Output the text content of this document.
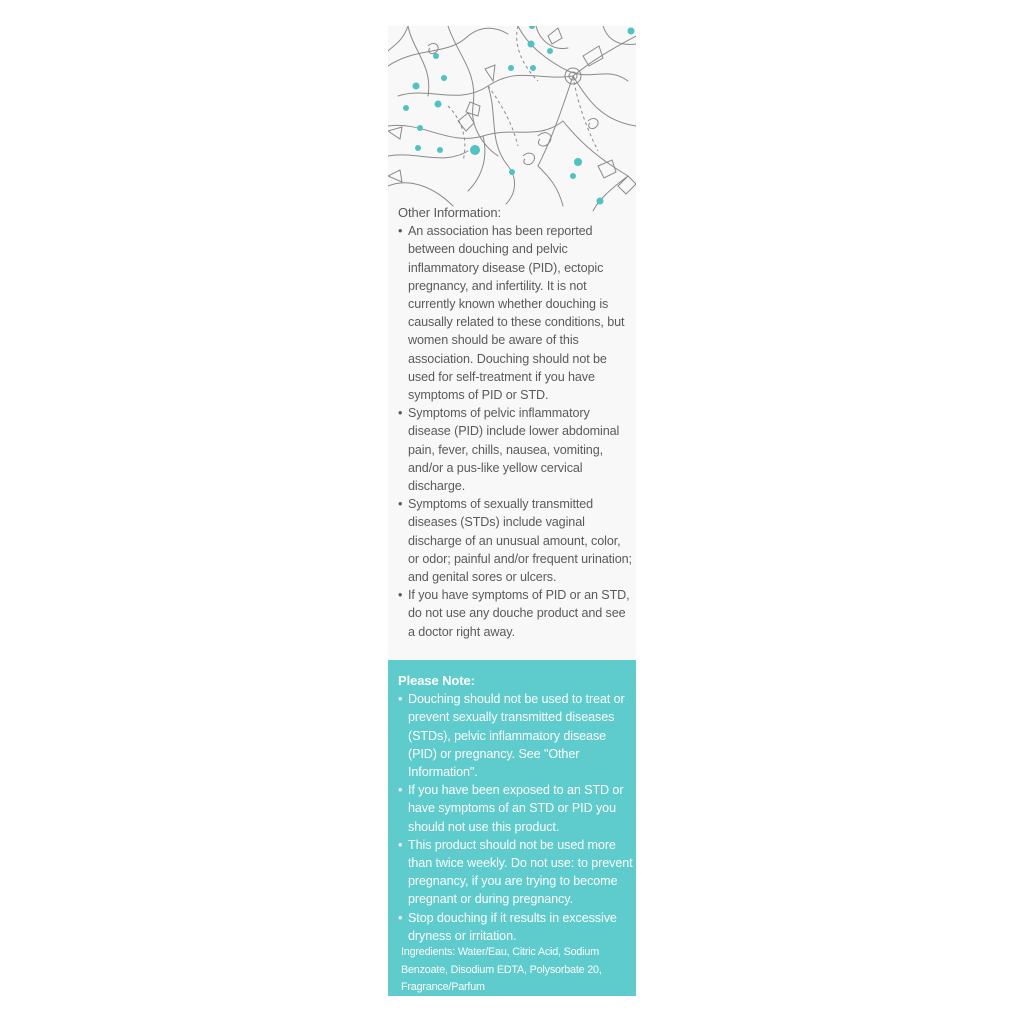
Other Information:

• An association has been reported between douching and pelvic inflammatory disease (PID), ectopic pregnancy, and infertility. It is not currently known whether douching is causally related to these conditions, but women should be aware of this association. Douching should not be used for self-treatment if you have symptoms of PID or STD.
• Symptoms of pelvic inflammatory disease (PID) include lower abdominal pain, fever, chills, nausea, vomiting, and/or a pus-like yellow cervical discharge.
• Symptoms of sexually transmitted diseases (STDs) include vaginal discharge of an unusual amount, color, or odor; painful and/or frequent urination; and genital sores or ulcers.
• If you have symptoms of PID or an STD, do not use any douche product and see a doctor right away.

Please Note:

• Douching should not be used to treat or prevent sexually transmitted diseases (STDs), pelvic inflammatory disease (PID) or pregnancy. See "Other Information".
• If you have been exposed to an STD or have symptoms of an STD or PID you should not use this product.
• This product should not be used more than twice weekly. Do not use: to prevent pregnancy, if you are trying to become pregnant or during pregnancy.
• Stop douching if it results in excessive dryness or irritation.
Ingredients: Water/Eau, Citric Acid, Sodium Benzoate, Disodium EDTA, Polysorbate 20, Fragrance/Parfum
